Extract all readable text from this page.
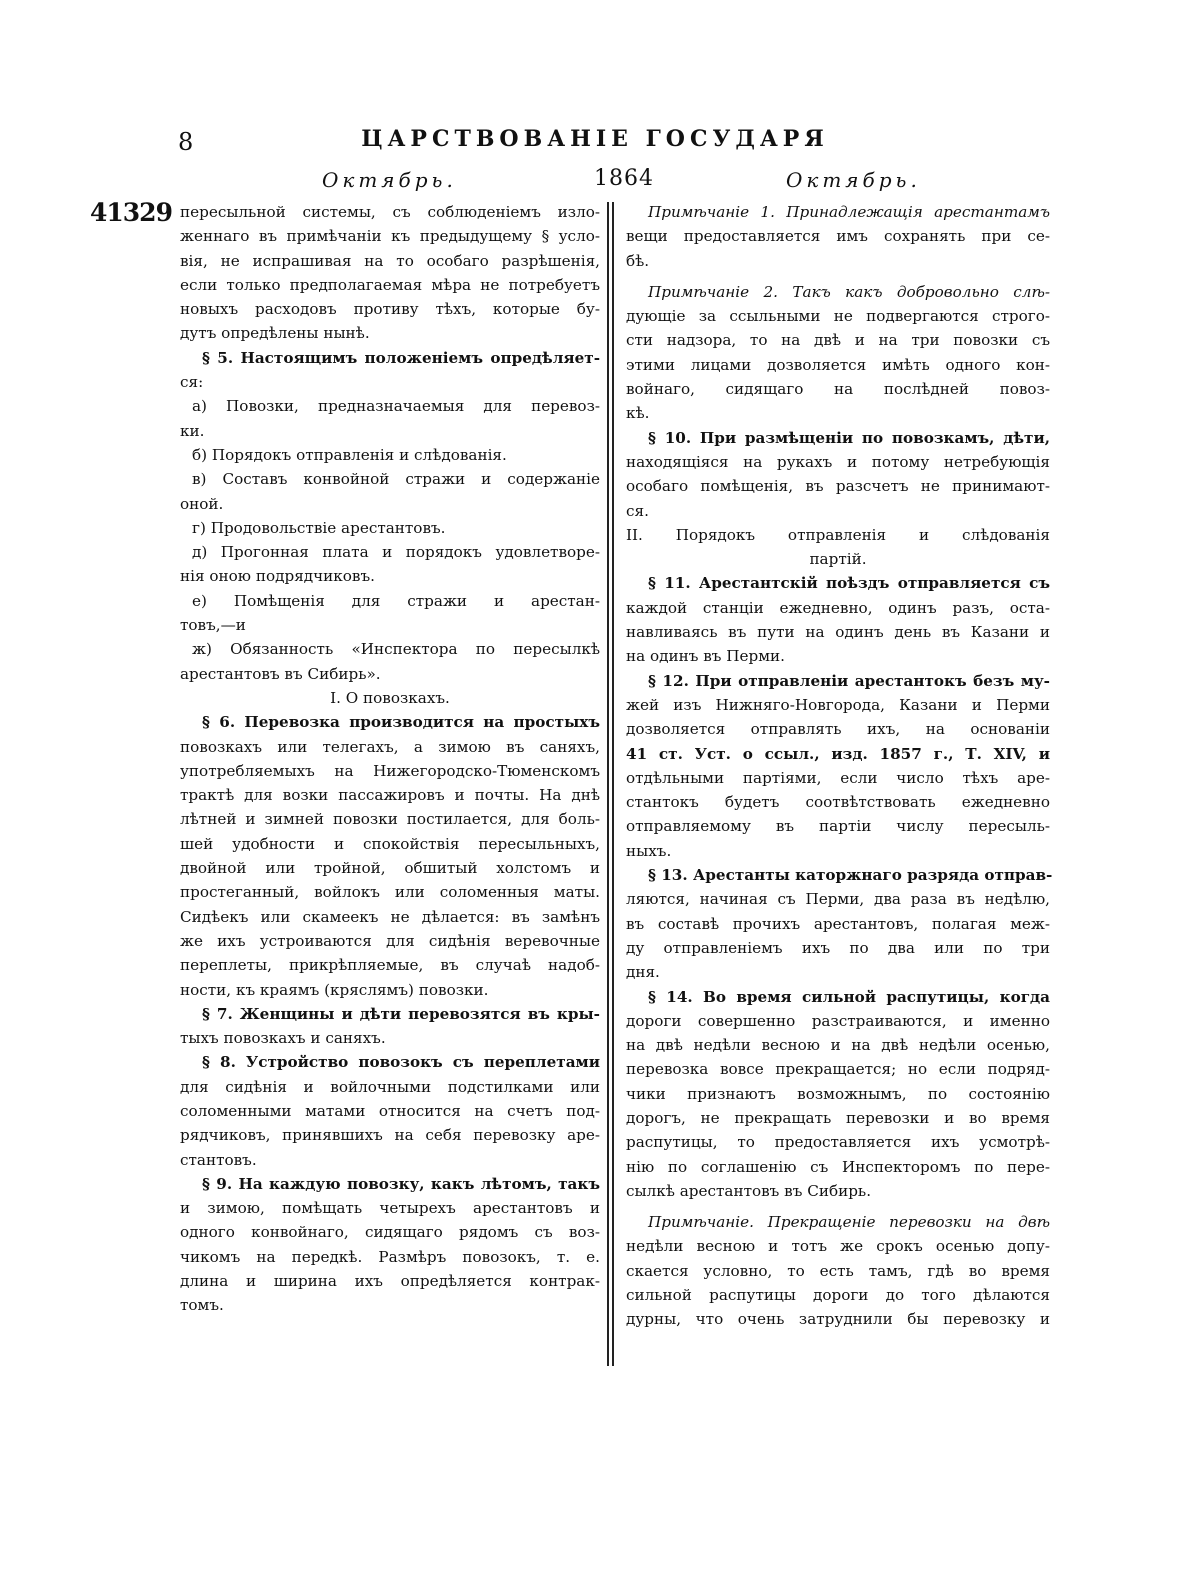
8	ЦАРСТВОВАНIЕ ГОСУДАРЯ
Октябрь.	1864	Октябрь.
41329 пересыльной системы, съ соблюденiемъ изло-
женнаго въ примѣчанiи къ предыдущему § усло-
вiя, не испрашивая на то особаго разрѣшенiя,
если только предполагаемая мѣра не потребуетъ
новыхъ расходовъ противу тѣхъ, которые бу-
дутъ опредѣлены нынѣ.
§ 5. Настоящимъ положенiемъ опредѣляет-
ся:
а) Повозки, предназначаемыя для перевоз-
ки.
б) Порядокъ отправленiя и слѣдованiя.
в) Составъ конвойной стражи и содержанiе
оной.
г) Продовольствiе арестантовъ.
д) Прогонная плата и порядокъ удовлетворе-
нiя оною подрядчиковъ.
е) Помѣщенiя для стражи и арестан-
товъ,—и
ж) Обязанность «Инспектора по пересылкѣ
арестантовъ въ Сибирь».
I. О повозкахъ.
§ 6. Перевозка производится на простыхъ
повозкахъ или телегахъ, а зимою въ саняхъ,
употребляемыхъ на Нижегородско-Тюменскомъ
трактѣ для возки пассажировъ и почты. На днѣ
лѣтней и зимней повозки постилается, для боль-
шей удобности и спокойствiя пересыльныхъ,
двойной или тройной, обшитый холстомъ и
простеганный, войлокъ или соломенныя маты.
Сидѣекъ или скамеекъ не дѣлается: въ замѣнъ
же ихъ устроиваются для сидѣнiя веревочные
переплеты, прикрѣпляемые, въ случаѣ надоб-
ности, къ краямъ (кряслямъ) повозки.
§ 7. Женщины и дѣти перевозятся въ кры-
тыхъ повозкахъ и саняхъ.
§ 8. Устройство повозокъ съ переплетами
для сидѣнiя и войлочными подстилками или
соломенными матами относится на счетъ под-
рядчиковъ, принявшихъ на себя перевозку аре-
стантовъ.
§ 9. На каждую повозку, какъ лѣтомъ, такъ
и зимою, помѣщать четырехъ арестантовъ и
одного конвойнаго, сидящаго рядомъ съ воз-
чикомъ на передкѣ. Размѣръ повозокъ, т. е.
длина и ширина ихъ опредѣляется контрак-
томъ.
Примѣчанiе 1. Принадлежащiя арестантамъ
вещи предоставляется имъ сохранять при се-
бѣ.
Примѣчанiе 2. Такъ какъ добровольно слѣ-
дующiе за ссыльными не подвергаются строго-
сти надзора, то на двѣ и на три повозки съ
этими лицами дозволяется имѣть одного кон-
войнаго, сидящаго на послѣдней повоз-
кѣ.
§ 10. При размѣщенiи по повозкамъ, дѣти,
находящiяся на рукахъ и потому нетребующiя
особаго помѣщенiя, въ разсчетъ не принимают-
ся.
II. Порядокъ отправленiя и слѣдованiя
партiй.
§ 11. Арестантскiй поѣздъ отправляется съ
каждой станцiи ежедневно, одинъ разъ, оста-
навливаясь въ пути на одинъ день въ Казани и
на одинъ въ Перми.
§ 12. При отправленiи арестантокъ безъ му-
жей изъ Нижняго-Новгорода, Казани и Перми
дозволяется отправлять ихъ, на основанiи
41 ст. Уст. о ссыл., изд. 1857 г., Т. XIV, и
отдѣльными партiями, если число тѣхъ аре-
стантокъ будетъ соотвѣтствовать ежедневно
отправляемому въ партiи числу пересыль-
ныхъ.
§ 13. Арестанты каторжнаго разряда отправ-
ляются, начиная съ Перми, два раза въ недѣлю,
въ составѣ прочихъ арестантовъ, полагая меж-
ду отправленiемъ ихъ по два или по три
дня.
§ 14. Во время сильной распутицы, когда
дороги совершенно разстраиваются, и именно
на двѣ недѣли весною и на двѣ недѣли осенью,
перевозка вовсе прекращается; но если подряд-
чики признаютъ возможнымъ, по состоянiю
дорогъ, не прекращать перевозки и во время
распутицы, то предоставляется ихъ усмотрѣ-
нiю по соглашенiю съ Инспекторомъ по пере-
сылкѣ арестантовъ въ Сибирь.
Примѣчанiе. Прекращенiе перевозки на двѣ
недѣли весною и тотъ же срокъ осенью допу-
скается условно, то есть тамъ, гдѣ во время
сильной распутицы дороги до того дѣлаются
дурны, что очень затруднили бы перевозку и
